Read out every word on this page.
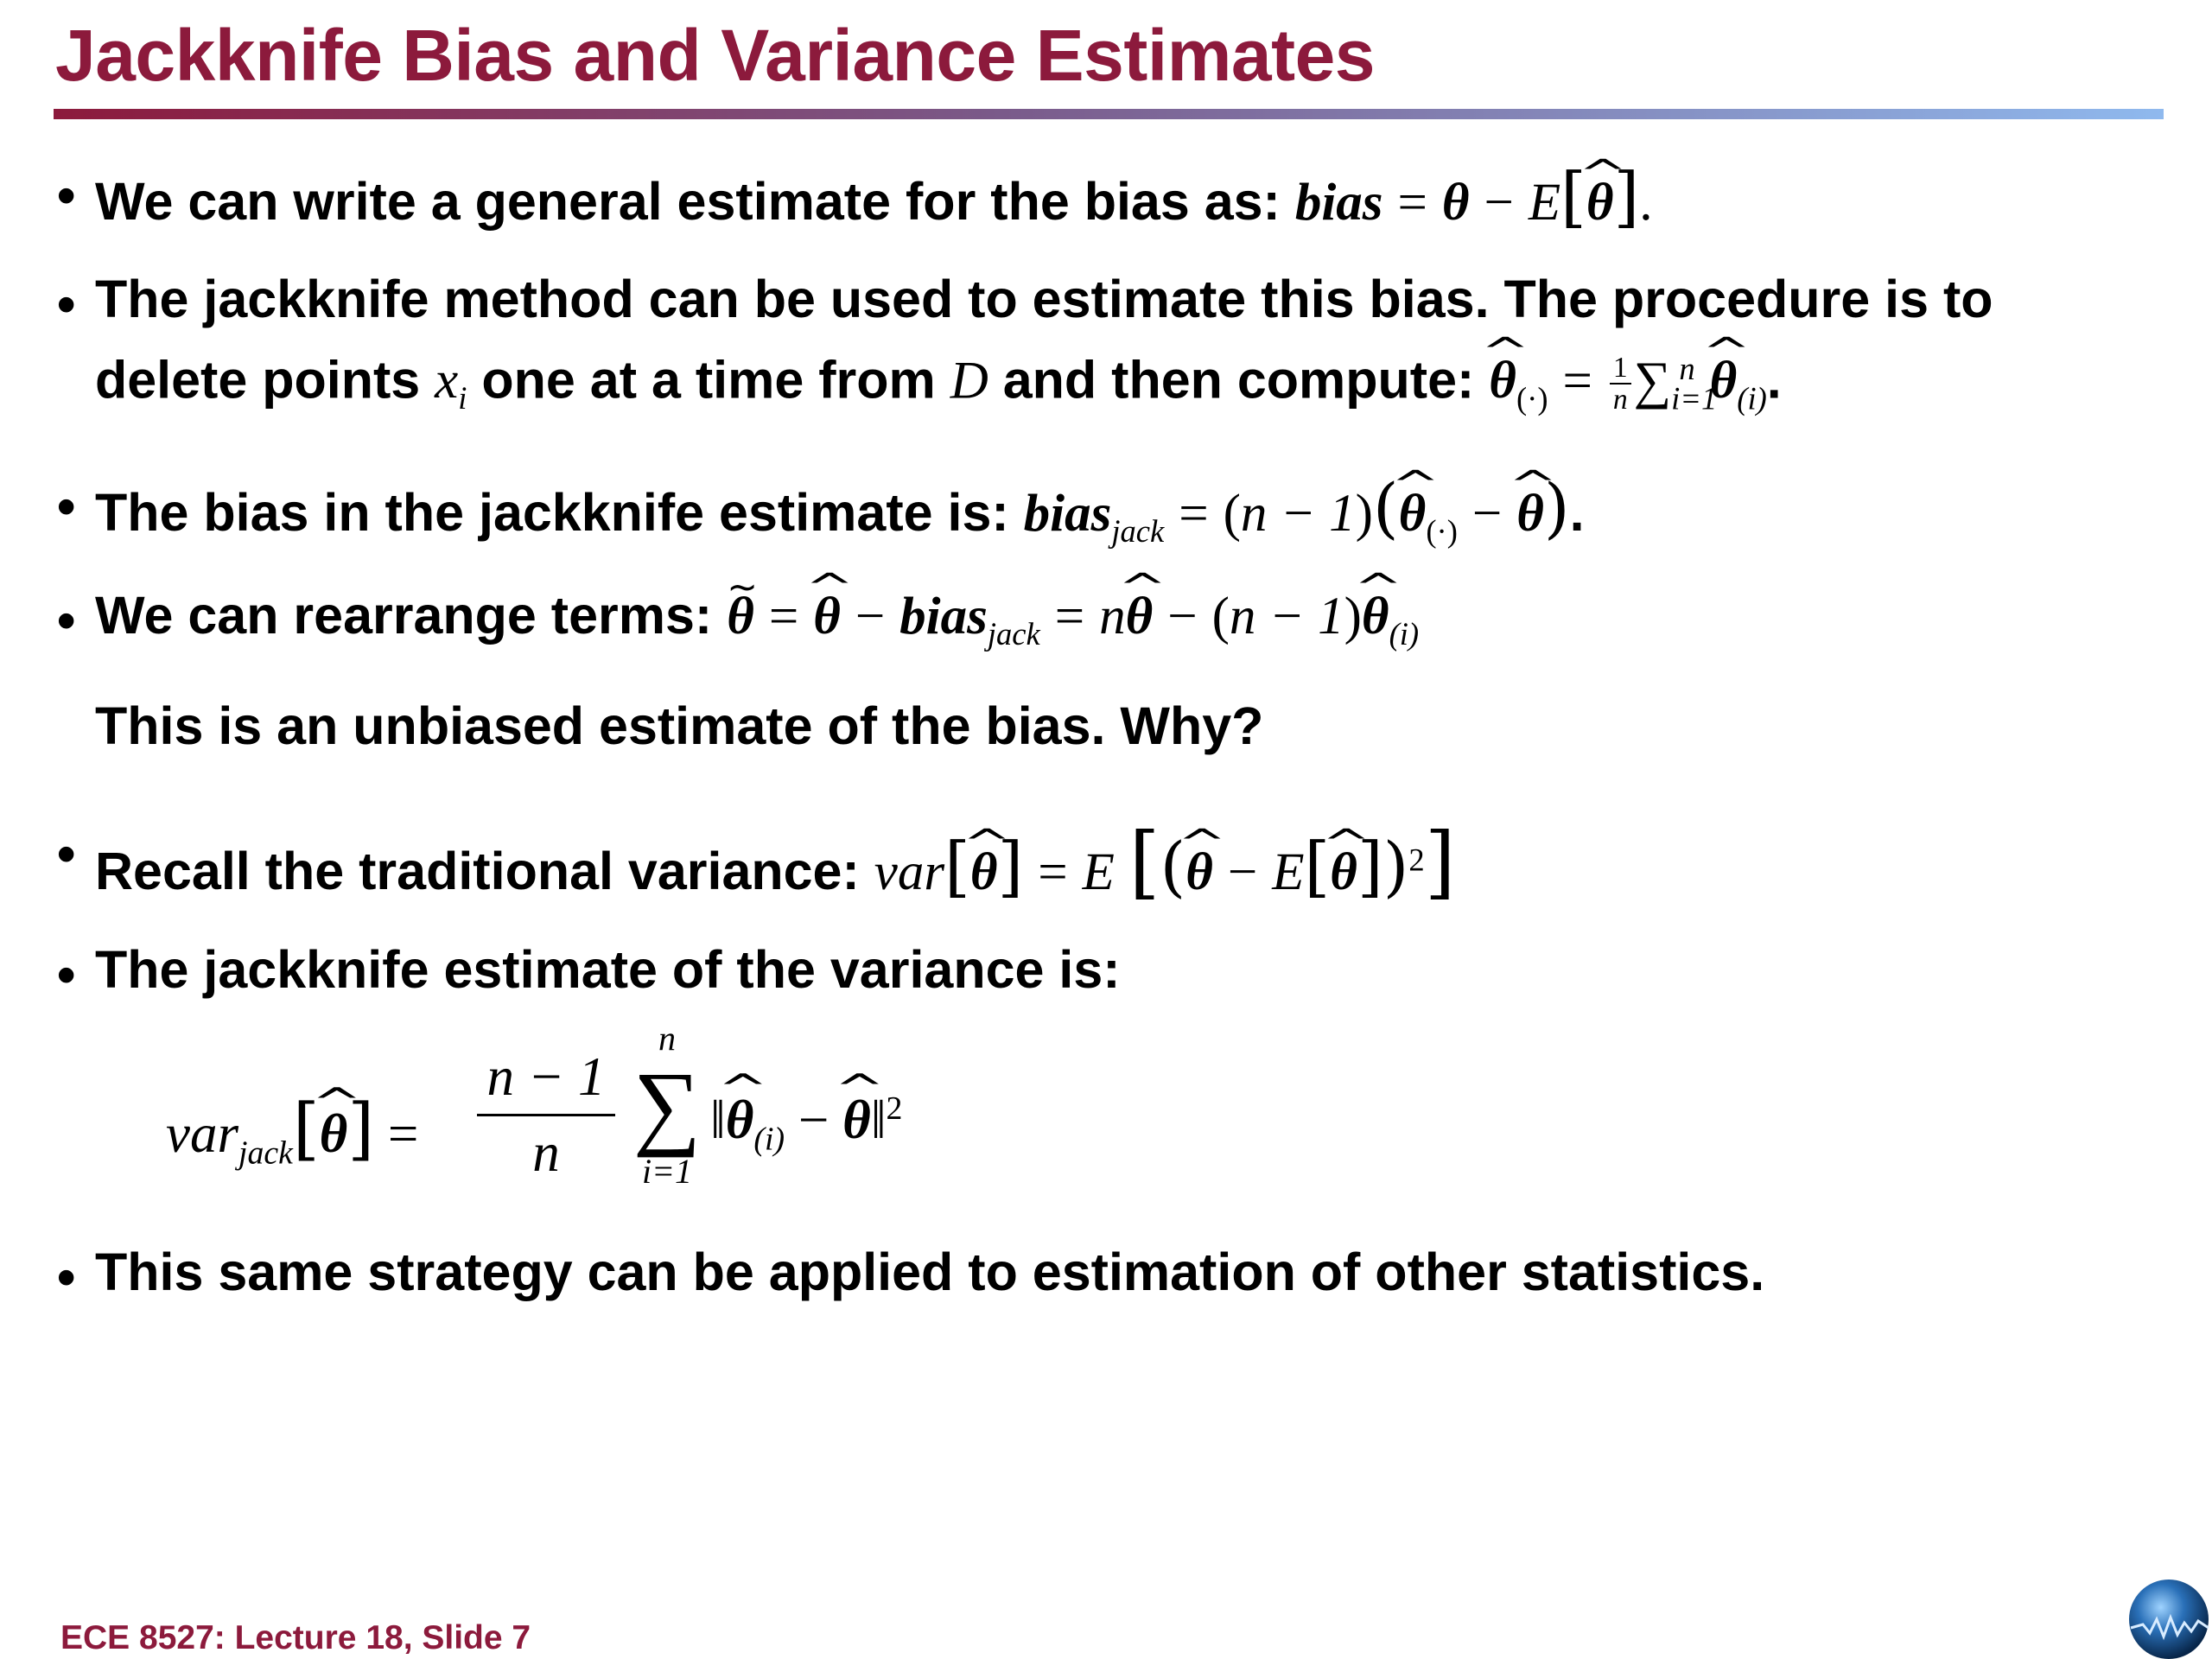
Jackknife Bias and Variance Estimates
• We can write a general estimate for the bias as: bias = θ − E[^ θ].
• The jackknife method can be used to estimate this bias. The procedure is to
delete points $x_i$ one at a time from D and then compute: ^ $\theta_{(\cdot)} = \frac{1}{n} \sum_{i=1}^n$ ^ $\theta_{(i)}$.
• The bias in the jackknife estimate is: bias$_{jack}$ = (n − 1)(^ $\theta_{(\cdot)}$ − ^ θ).
• We can rearrange terms: ~ θ = ^ θ − bias$_{jack}$ = n^ θ − (n − 1)^ $\theta_{(i)}$
This is an unbiased estimate of the bias. Why?
• Recall the traditional variance: var[^ θ] = E [(^ θ − E[^ θ])$^2$]
• The jackknife estimate of the variance is:
var$_{jack}$[^ $\theta] = \frac{n - 1}{n}$
n
∑
i=1
‖^ $\theta_{(i)}$ − ^ θ‖$^2$
• This same strategy can be applied to estimation of other statistics.
ECE 8527: Lecture 18, Slide 7
